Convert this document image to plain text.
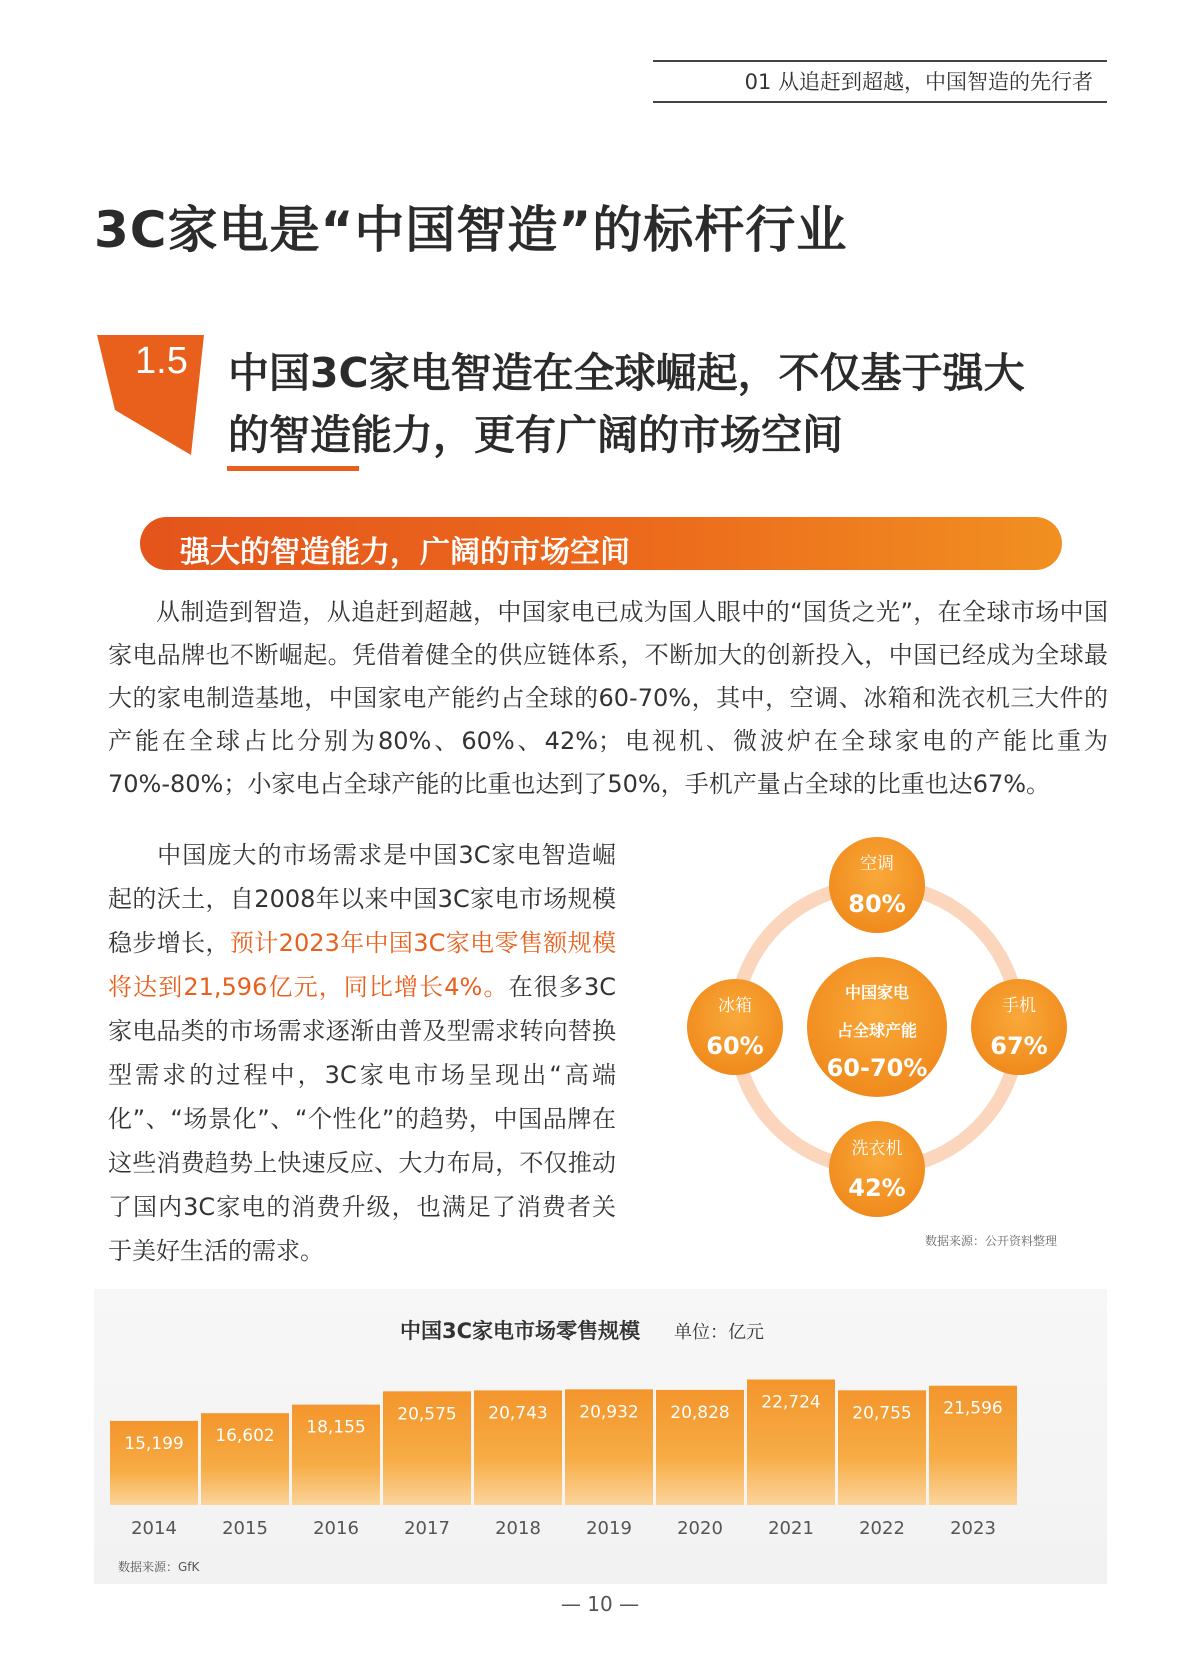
01 从追赶到超越，中国智造的先行者
3C家电是“中国智造”的标杆行业
1.5 中国3C家电智造在全球崛起，不仅基于强大
的智造能力，更有广阔的市场空间
强大的智造能力，广阔的市场空间

从制造到智造，从追赶到超越，中国家电已成为国人眼中的“国货之光”，在全球市场中国家电品牌也不断崛起。凭借着健全的供应链体系，不断加大的创新投入，中国已经成为全球最大的家电制造基地，中国家电产能约占全球的60-70%，其中，空调、冰箱和洗衣机三大件的产能在全球占比分别为80%、60%、42%；电视机、微波炉在全球家电的产能比重为70%-80%；小家电占全球产能的比重也达到了50%，手机产量占全球的比重也达67%。

中国庞大的市场需求是中国3C家电智造崛起的沃土，自2008年以来中国3C家电市场规模稳步增长，预计2023年中国3C家电零售额规模将达到21,596亿元，同比增长4%。在很多3C家电品类的市场需求逐渐由普及型需求转向替换型需求的过程中，3C家电市场呈现出“高端化”、“场景化”、“个性化”的趋势，中国品牌在这些消费趋势上快速反应、大力布局，不仅推动了国内3C家电的消费升级，也满足了消费者关于美好生活的需求。
中国家电
占全球产能
60-70%
空调
80%
手机
67%
洗衣机
42%
冰箱
60%
数据来源：公开资料整理
中国3C家电市场零售规模 单位：亿元
15,199
2014
16,602
2015
18,155
2016
20,575
2017
20,743
2018
20,932
2019
20,828
2020
22,724
2021
20,755
2022
21,596
2023
数据来源：GfK
— 10 —
